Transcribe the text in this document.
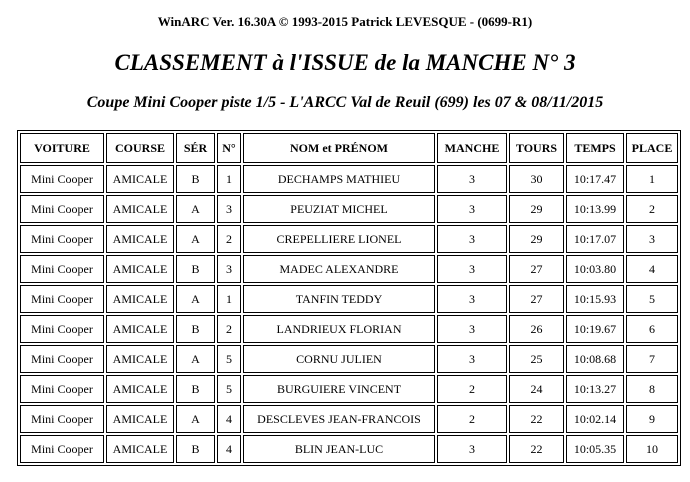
WinARC Ver. 16.30A © 1993-2015 Patrick LEVESQUE - (0699-R1)
CLASSEMENT à l'ISSUE de la MANCHE N° 3
Coupe Mini Cooper piste 1/5 - L'ARCC Val de Reuil (699) les 07 & 08/11/2015
VOITURE	COURSE	SÉR	N°	NOM et PRÉNOM	MANCHE	TOURS	TEMPS	PLACE
Mini Cooper	AMICALE	B	1	DECHAMPS MATHIEU	3	30	10:17.47	1
Mini Cooper	AMICALE	A	3	PEUZIAT MICHEL	3	29	10:13.99	2
Mini Cooper	AMICALE	A	2	CREPELLIERE LIONEL	3	29	10:17.07	3
Mini Cooper	AMICALE	B	3	MADEC ALEXANDRE	3	27	10:03.80	4
Mini Cooper	AMICALE	A	1	TANFIN TEDDY	3	27	10:15.93	5
Mini Cooper	AMICALE	B	2	LANDRIEUX FLORIAN	3	26	10:19.67	6
Mini Cooper	AMICALE	A	5	CORNU JULIEN	3	25	10:08.68	7
Mini Cooper	AMICALE	B	5	BURGUIERE VINCENT	2	24	10:13.27	8
Mini Cooper	AMICALE	A	4	DESCLEVES JEAN-FRANCOIS	2	22	10:02.14	9
Mini Cooper	AMICALE	B	4	BLIN JEAN-LUC	3	22	10:05.35	10
